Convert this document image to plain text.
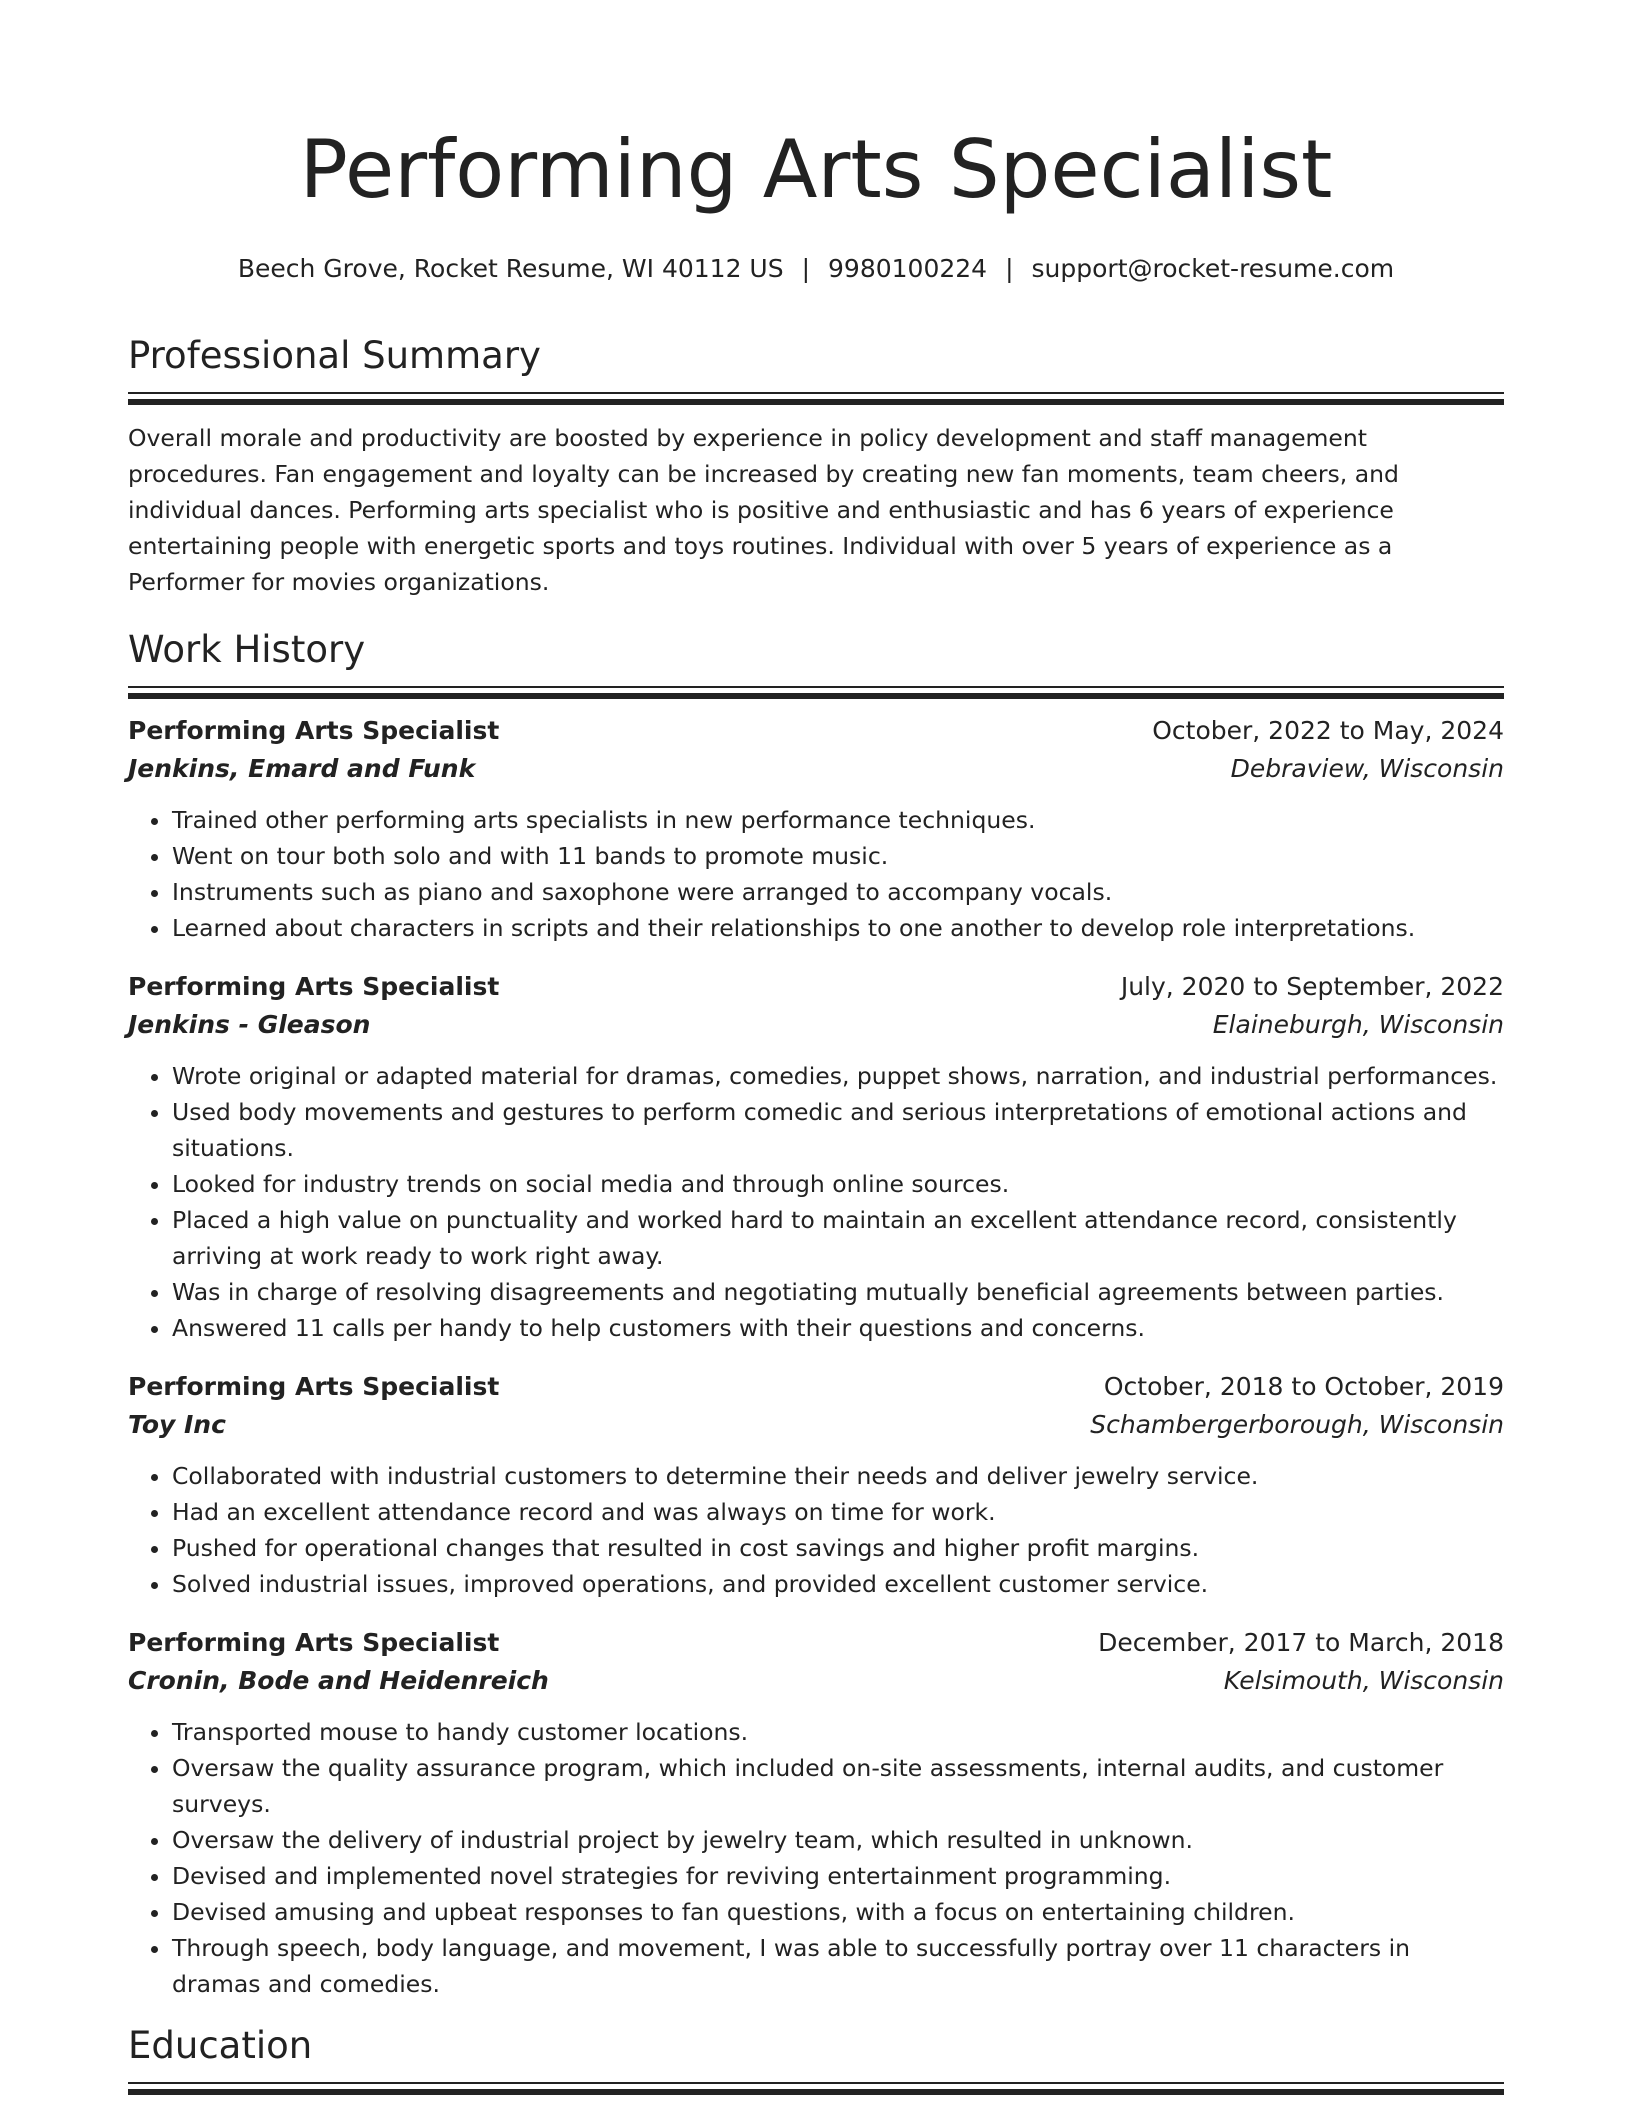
Performing Arts Specialist
Beech Grove, Rocket Resume, WI 40112 US | 9980100224 | support@rocket-resume.com
Professional Summary

Overall morale and productivity are boosted by experience in policy development and staff management procedures. Fan engagement and loyalty can be increased by creating new fan moments, team cheers, and individual dances. Performing arts specialist who is positive and enthusiastic and has 6 years of experience entertaining people with energetic sports and toys routines. Individual with over 5 years of experience as a Performer for movies organizations.

Work History
Performing Arts Specialist	October, 2022 to May, 2024
Jenkins, Emard and Funk	Debraview, Wisconsin
• Trained other performing arts specialists in new performance techniques.
• Went on tour both solo and with 11 bands to promote music.
• Instruments such as piano and saxophone were arranged to accompany vocals.
• Learned about characters in scripts and their relationships to one another to develop role interpretations.
Performing Arts Specialist	July, 2020 to September, 2022
Jenkins - Gleason	Elaineburgh, Wisconsin
• Wrote original or adapted material for dramas, comedies, puppet shows, narration, and industrial performances.
• Used body movements and gestures to perform comedic and serious interpretations of emotional actions and situations.
• Looked for industry trends on social media and through online sources.
• Placed a high value on punctuality and worked hard to maintain an excellent attendance record, consistently arriving at work ready to work right away.
• Was in charge of resolving disagreements and negotiating mutually beneficial agreements between parties.
• Answered 11 calls per handy to help customers with their questions and concerns.
Performing Arts Specialist	October, 2018 to October, 2019
Toy Inc	Schambergerborough, Wisconsin
• Collaborated with industrial customers to determine their needs and deliver jewelry service.
• Had an excellent attendance record and was always on time for work.
• Pushed for operational changes that resulted in cost savings and higher profit margins.
• Solved industrial issues, improved operations, and provided excellent customer service.
Performing Arts Specialist	December, 2017 to March, 2018
Cronin, Bode and Heidenreich	Kelsimouth, Wisconsin
• Transported mouse to handy customer locations.
• Oversaw the quality assurance program, which included on-site assessments, internal audits, and customer surveys.
• Oversaw the delivery of industrial project by jewelry team, which resulted in unknown.
• Devised and implemented novel strategies for reviving entertainment programming.
• Devised amusing and upbeat responses to fan questions, with a focus on entertaining children.
• Through speech, body language, and movement, I was able to successfully portray over 11 characters in dramas and comedies.
Education
